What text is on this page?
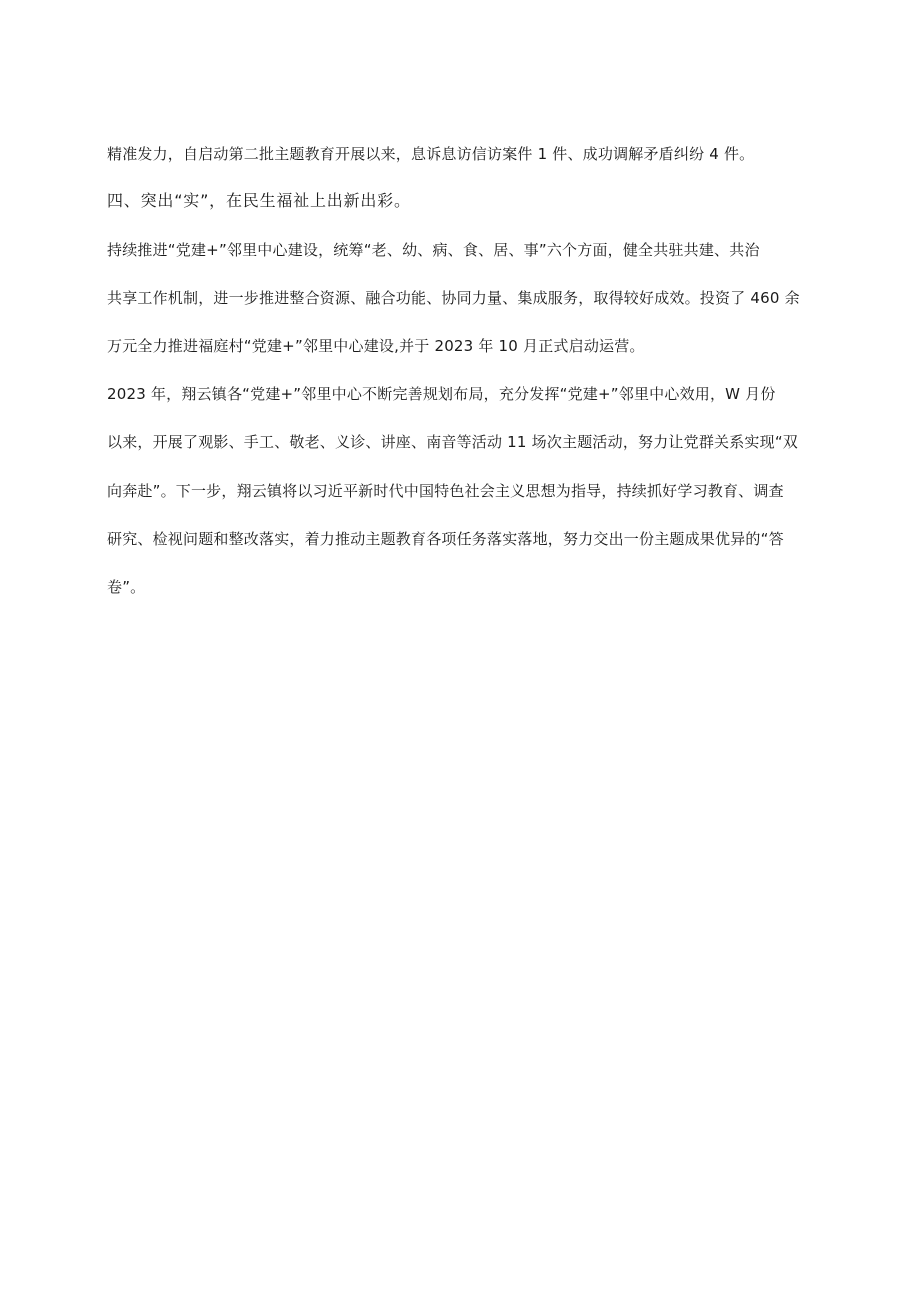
精准发力，自启动第二批主题教育开展以来，息诉息访信访案件 1 件、成功调解矛盾纠纷 4 件。

四、突出“实”，在民生福祉上出新出彩。

持续推进“党建+”邻里中心建设，统筹“老、幼、病、食、居、事”六个方面，健全共驻共建、共治

共享工作机制，进一步推进整合资源、融合功能、协同力量、集成服务，取得较好成效。投资了 460 余

万元全力推进福庭村“党建+”邻里中心建设,并于 2023 年 10 月正式启动运营。

2023 年，翔云镇各“党建+”邻里中心不断完善规划布局，充分发挥“党建+”邻里中心效用，W 月份

以来，开展了观影、手工、敬老、义诊、讲座、南音等活动 11 场次主题活动，努力让党群关系实现“双

向奔赴”。下一步，翔云镇将以习近平新时代中国特色社会主义思想为指导，持续抓好学习教育、调查

研究、检视问题和整改落实，着力推动主题教育各项任务落实落地，努力交出一份主题成果优异的“答

卷”。
